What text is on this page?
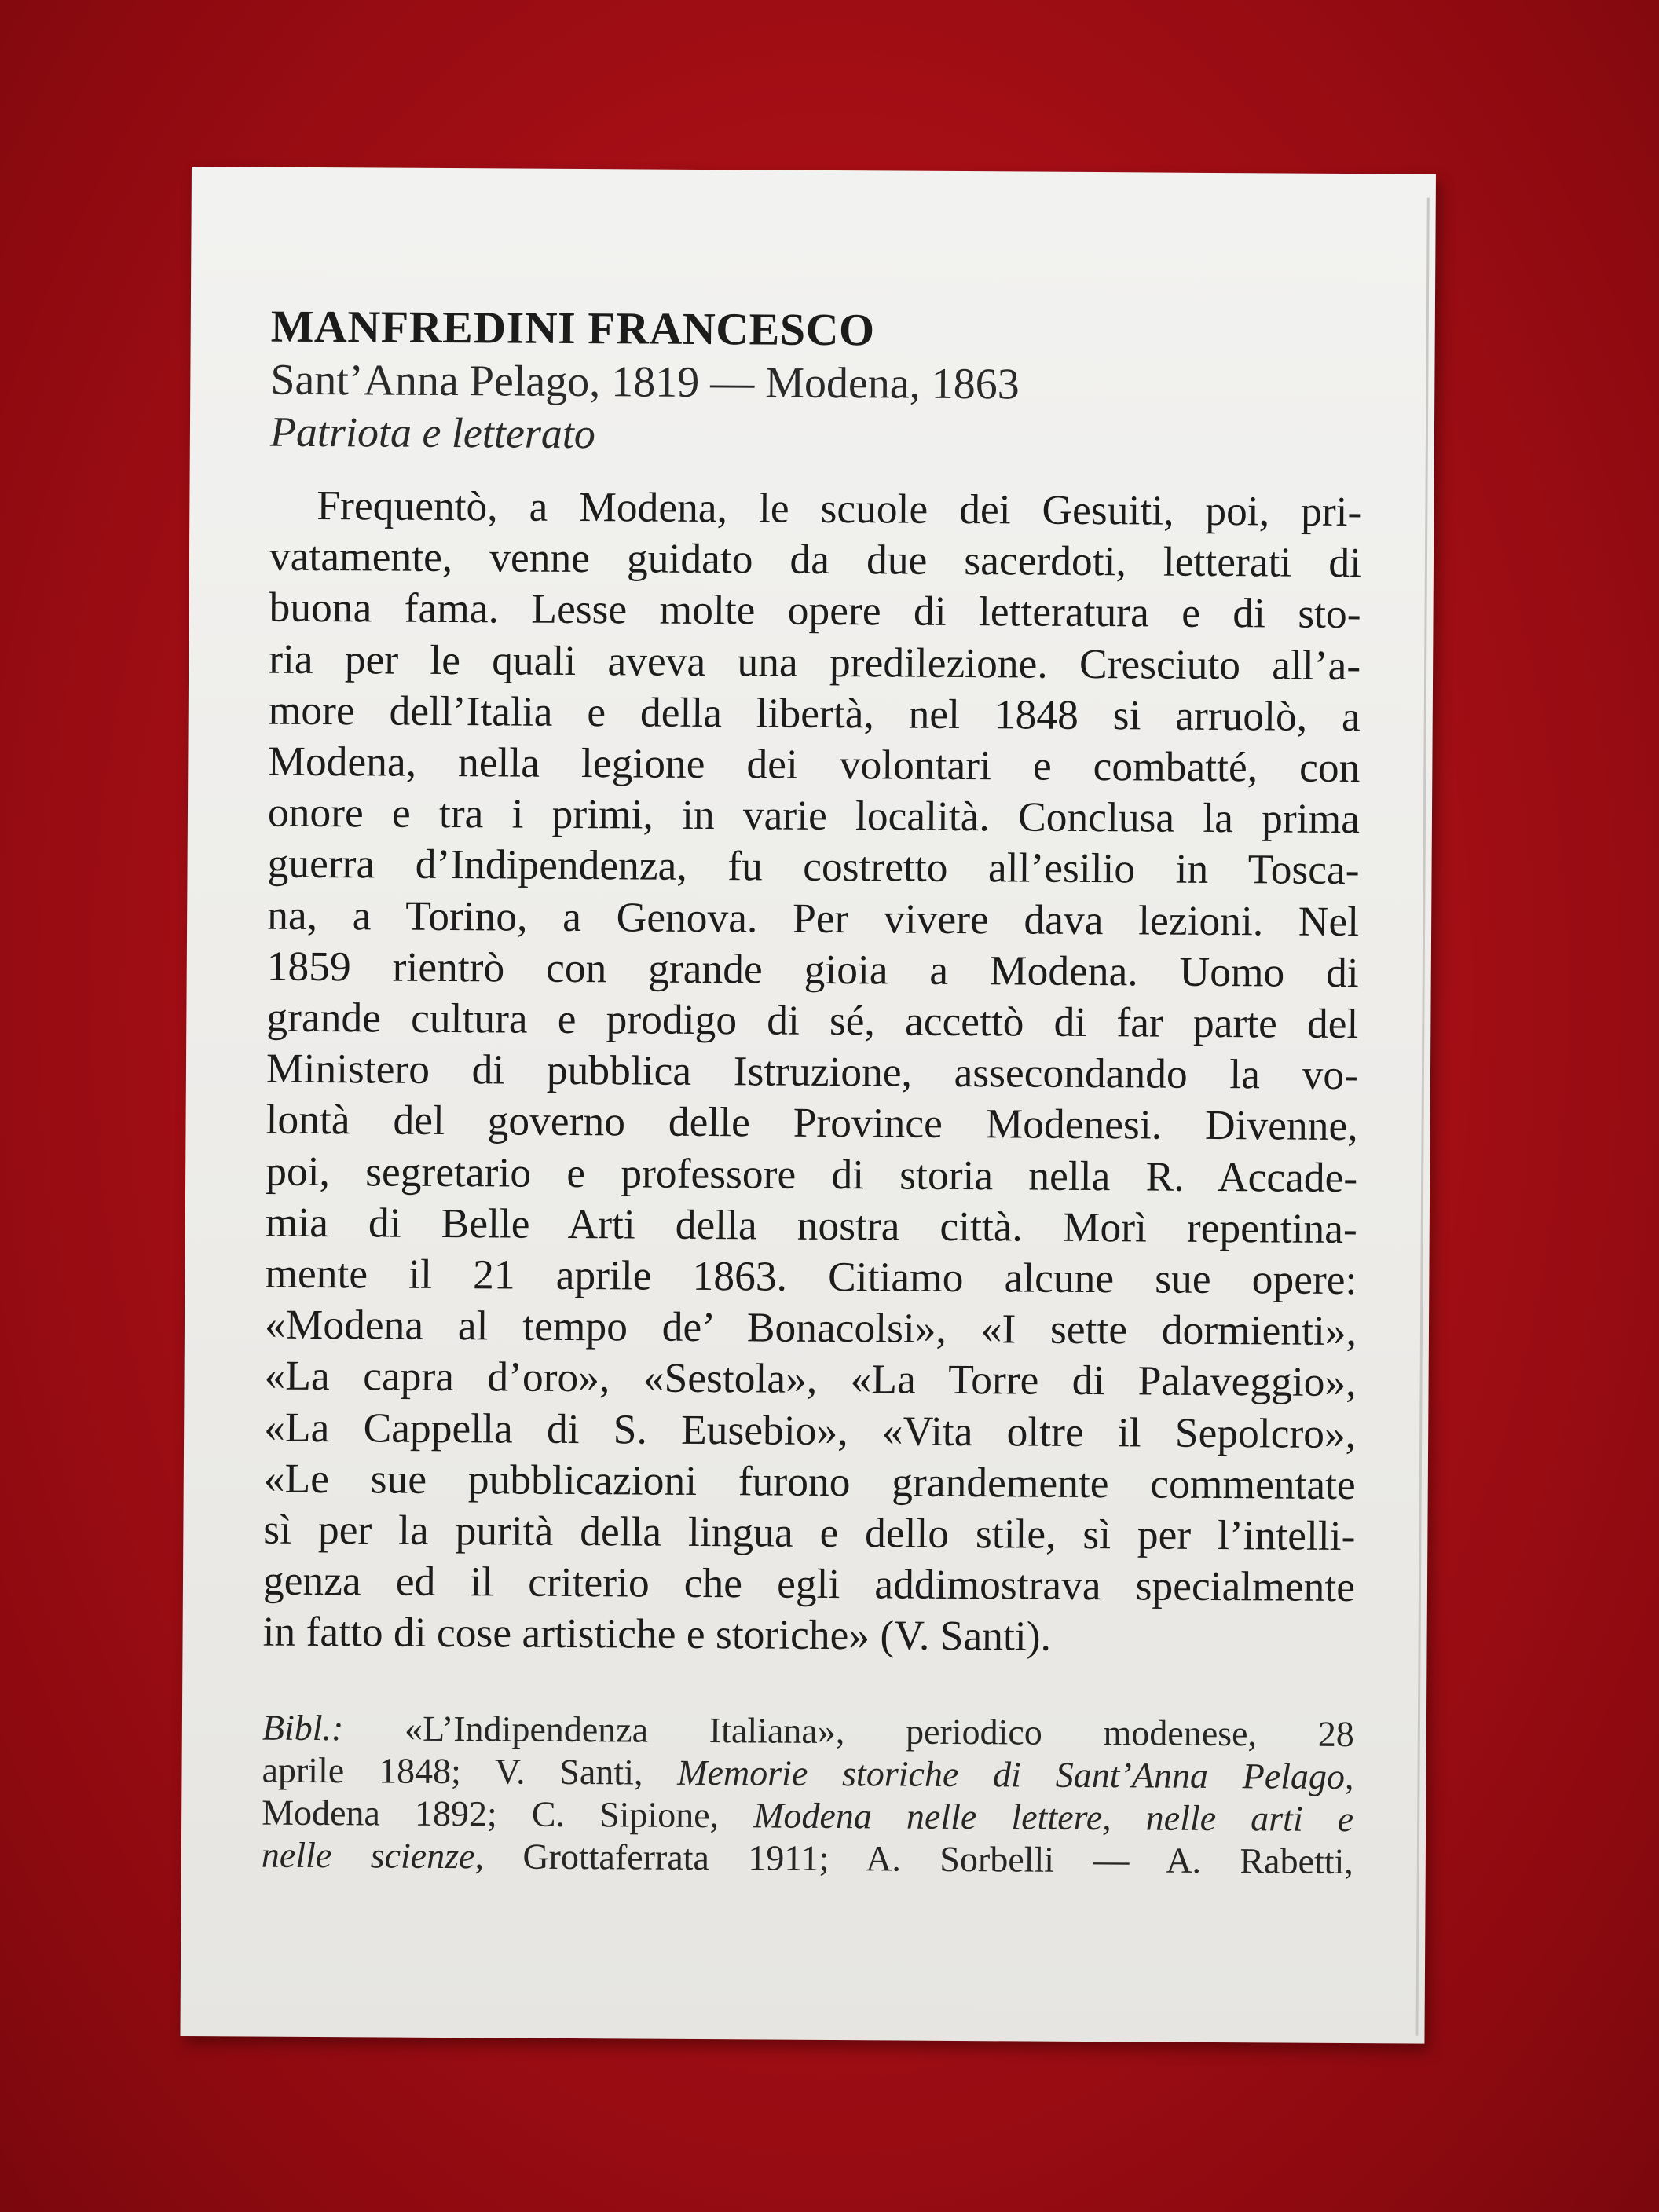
MANFREDINI FRANCESCO

Sant’Anna Pelago, 1819 — Modena, 1863

Patriota e letterato

Frequentò, a Modena, le scuole dei Gesuiti, poi, pri-
vatamente, venne guidato da due sacerdoti, letterati di
buona fama. Lesse molte opere di letteratura e di sto-
ria per le quali aveva una predilezione. Cresciuto all’a-
more dell’Italia e della libertà, nel 1848 si arruolò, a
Modena, nella legione dei volontari e combatté, con
onore e tra i primi, in varie località. Conclusa la prima
guerra d’Indipendenza, fu costretto all’esilio in Tosca-
na, a Torino, a Genova. Per vivere dava lezioni. Nel
1859 rientrò con grande gioia a Modena. Uomo di
grande cultura e prodigo di sé, accettò di far parte del
Ministero di pubblica Istruzione, assecondando la vo-
lontà del governo delle Province Modenesi. Divenne,
poi, segretario e professore di storia nella R. Accade-
mia di Belle Arti della nostra città. Morì repentina-
mente il 21 aprile 1863. Citiamo alcune sue opere:
«Modena al tempo de’ Bonacolsi», «I sette dormienti»,
«La capra d’oro», «Sestola», «La Torre di Palaveggio»,
«La Cappella di S. Eusebio», «Vita oltre il Sepolcro»,
«Le sue pubblicazioni furono grandemente commentate
sì per la purità della lingua e dello stile, sì per l’intelli-
genza ed il criterio che egli addimostrava specialmente
in fatto di cose artistiche e storiche» (V. Santi).
Bibl.: «L’Indipendenza Italiana», periodico modenese, 28
aprile 1848; V. Santi, Memorie storiche di Sant’Anna Pelago,
Modena 1892; C. Sipione, Modena nelle lettere, nelle arti e
nelle scienze, Grottaferrata 1911; A. Sorbelli — A. Rabetti,
